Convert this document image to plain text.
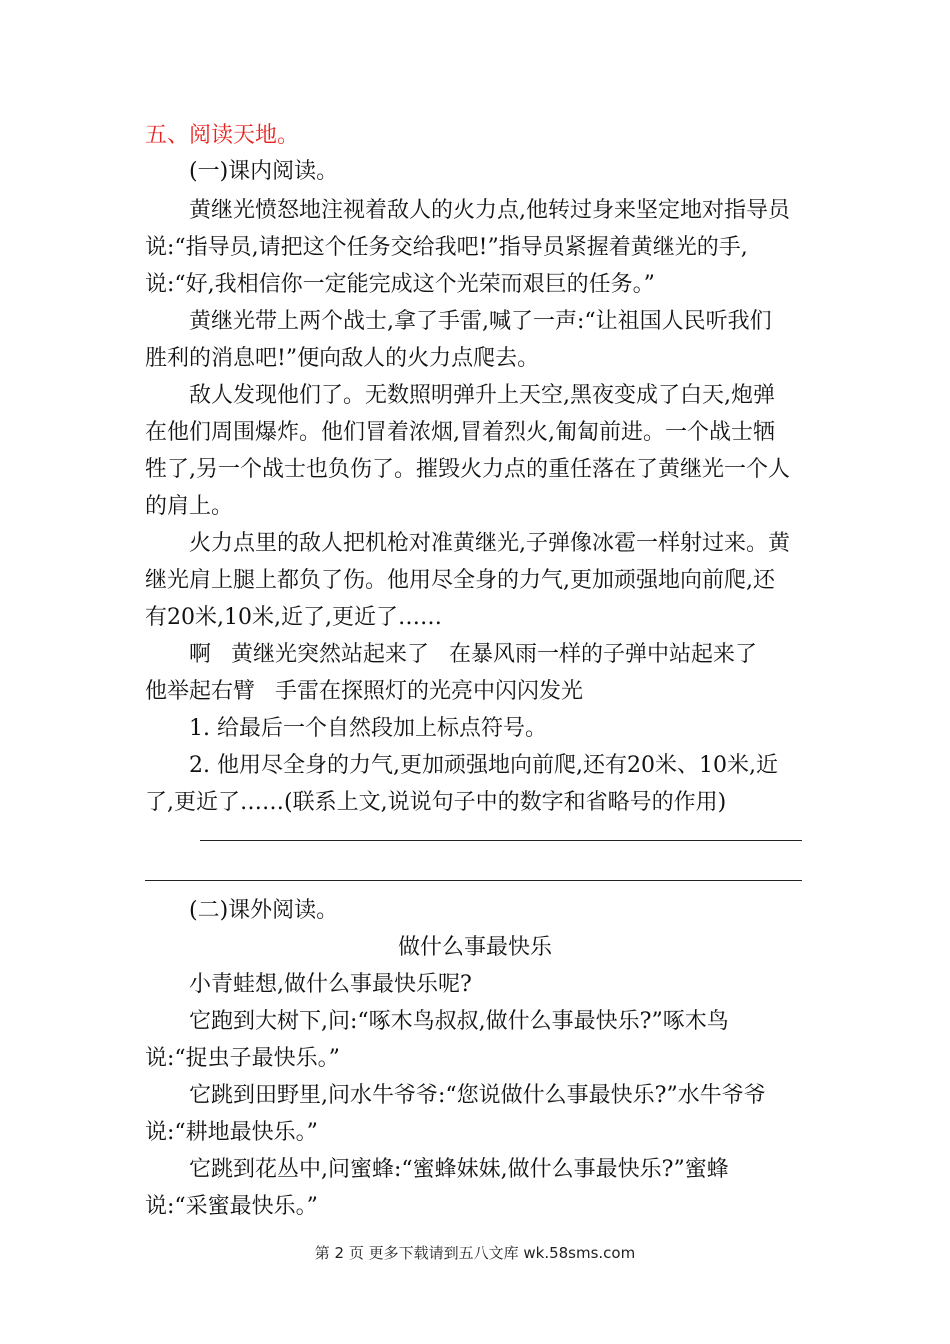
五、阅读天地。
(一)课内阅读。
黄继光愤怒地注视着敌人的火力点,他转过身来坚定地对指导员
说:“指导员,请把这个任务交给我吧!”指导员紧握着黄继光的手,
说:“好,我相信你一定能完成这个光荣而艰巨的任务。”
黄继光带上两个战士,拿了手雷,喊了一声:“让祖国人民听我们
胜利的消息吧!”便向敌人的火力点爬去。
敌人发现他们了。无数照明弹升上天空,黑夜变成了白天,炮弹
在他们周围爆炸。他们冒着浓烟,冒着烈火,匍匐前进。一个战士牺
牲了,另一个战士也负伤了。摧毁火力点的重任落在了黄继光一个人
的肩上。
火力点里的敌人把机枪对准黄继光,子弹像冰雹一样射过来。黄
继光肩上腿上都负了伤。他用尽全身的力气,更加顽强地向前爬,还
有20米,10米,近了,更近了……
啊 黄继光突然站起来了 在暴风雨一样的子弹中站起来了
他举起右臂 手雷在探照灯的光亮中闪闪发光
1. 给最后一个自然段加上标点符号。
2. 他用尽全身的力气,更加顽强地向前爬,还有20米、10米,近
了,更近了……(联系上文,说说句子中的数字和省略号的作用)
(二)课外阅读。
做什么事最快乐
小青蛙想,做什么事最快乐呢?
它跑到大树下,问:“啄木鸟叔叔,做什么事最快乐?”啄木鸟
说:“捉虫子最快乐。”
它跳到田野里,问水牛爷爷:“您说做什么事最快乐?”水牛爷爷
说:“耕地最快乐。”
它跳到花丛中,问蜜蜂:“蜜蜂妹妹,做什么事最快乐?”蜜蜂
说:“采蜜最快乐。”
第 2 页 更多下载请到五八文库 wk.58sms.com
